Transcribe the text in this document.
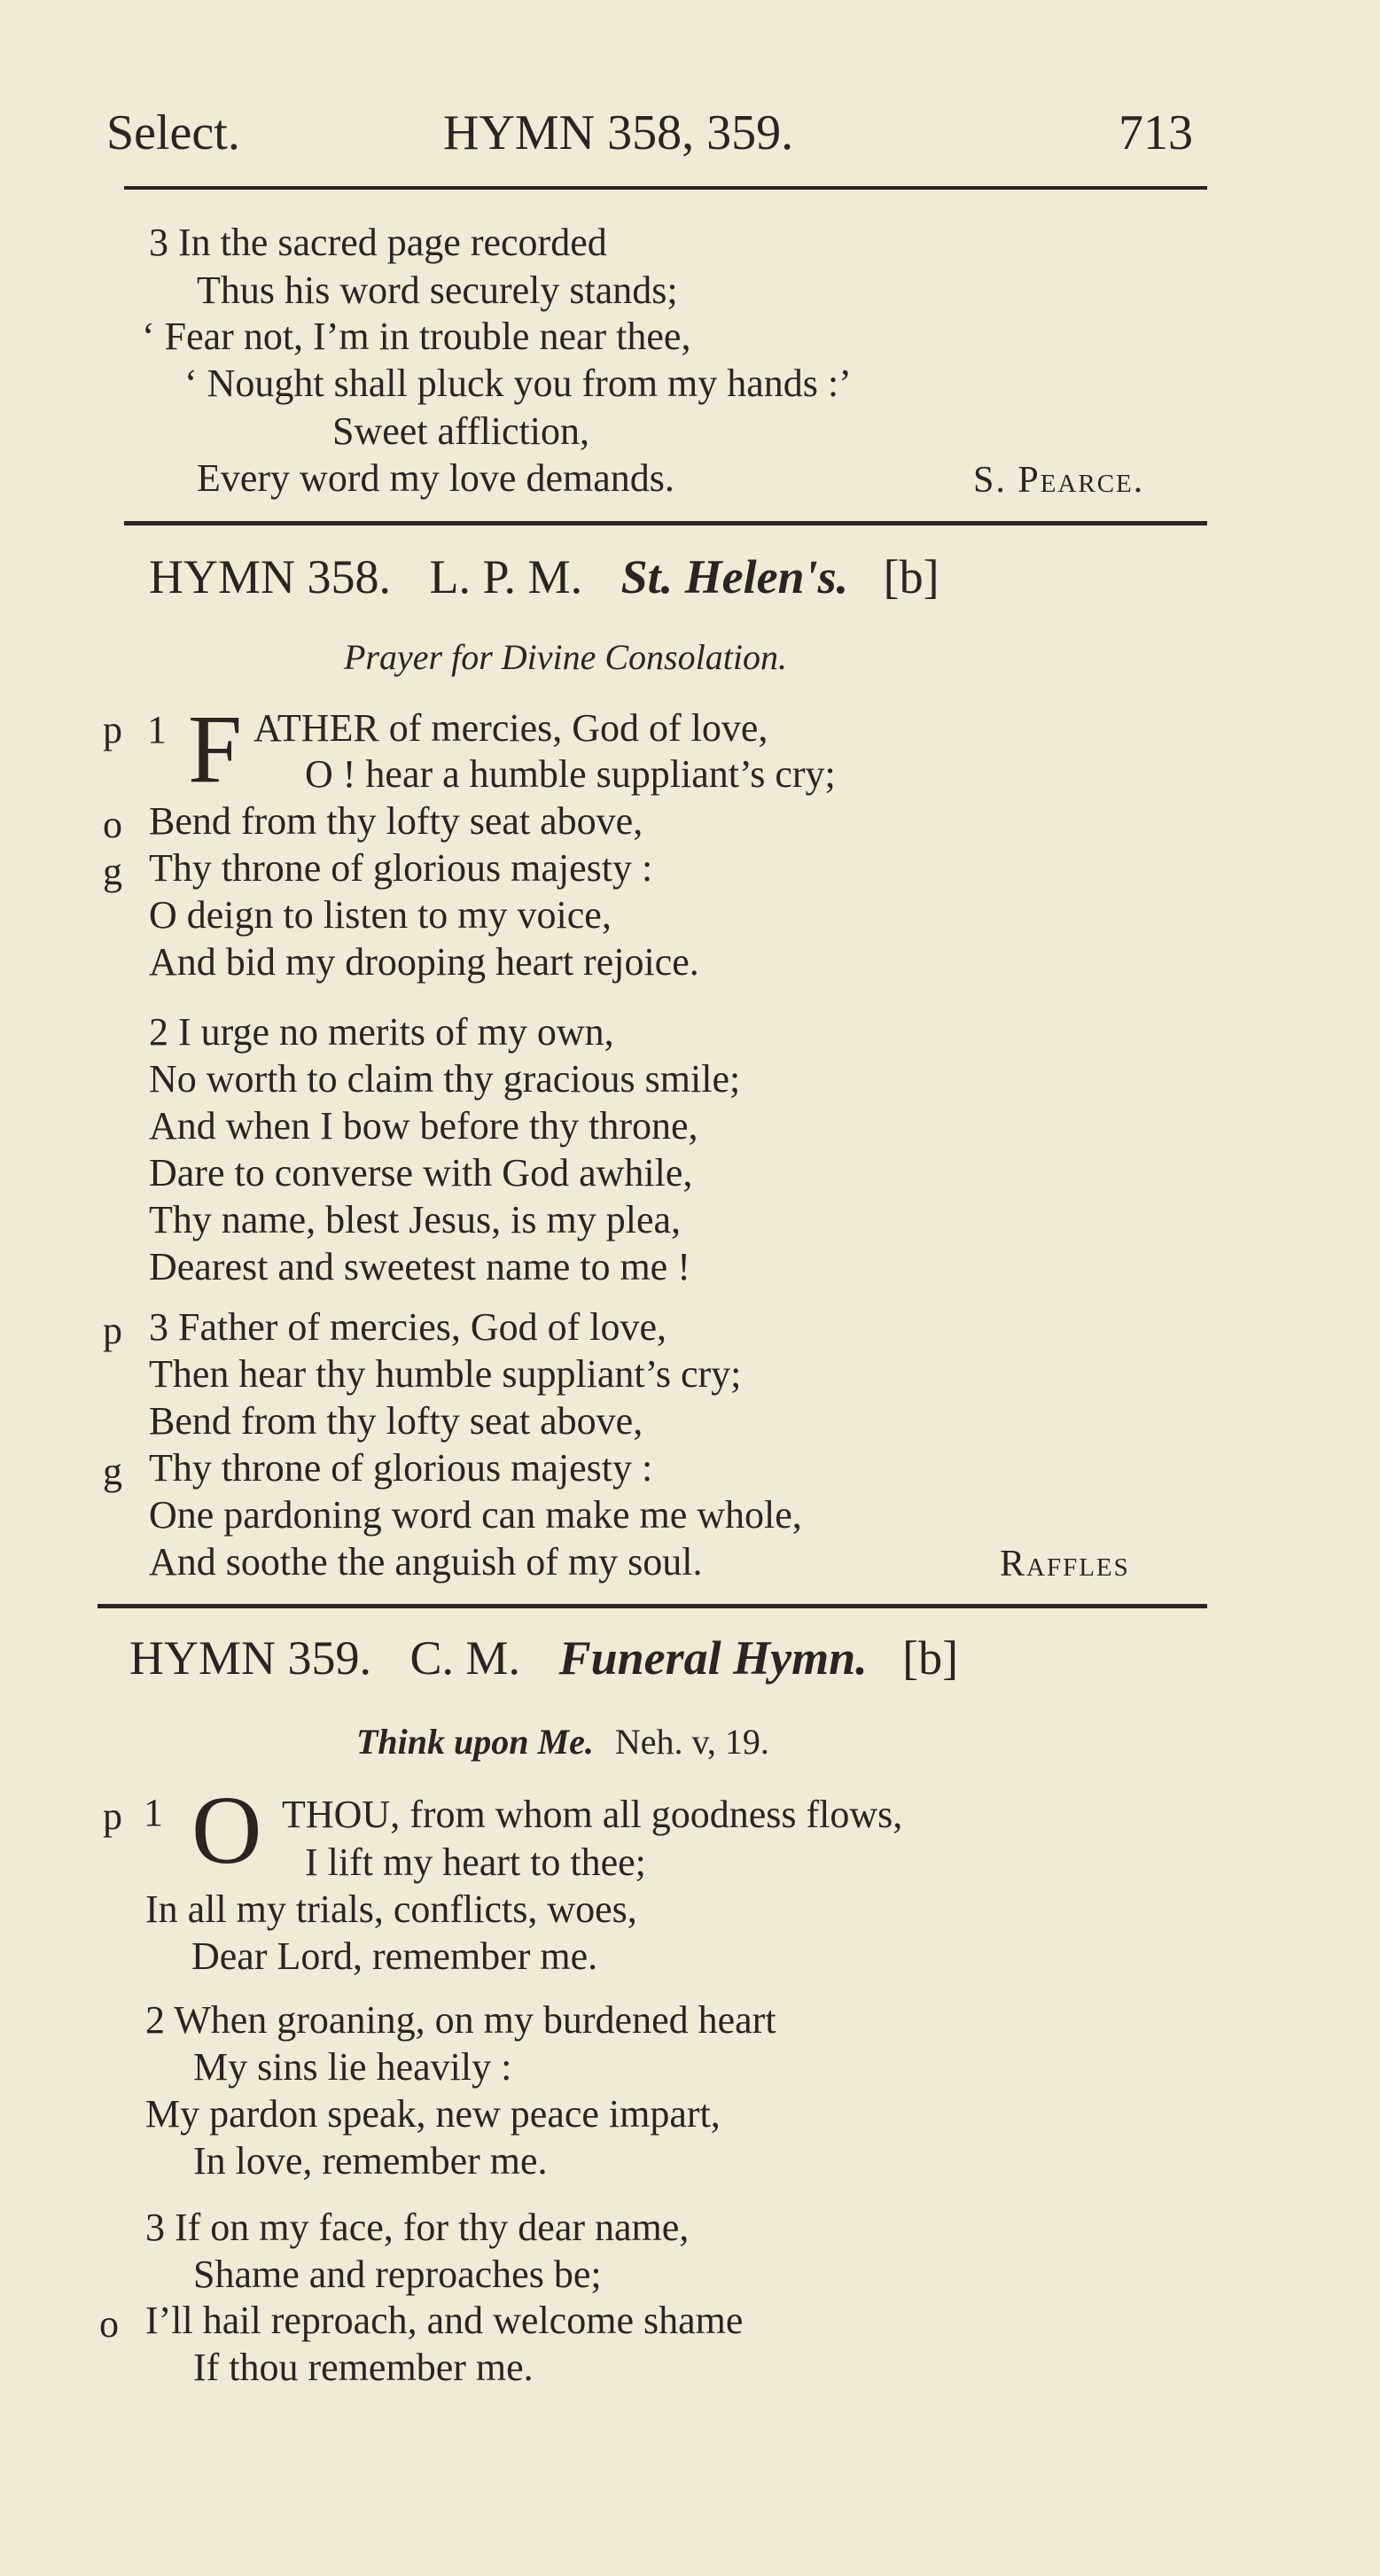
Select.	HYMN 358, 359.	713
3 In the sacred page recorded
Thus his word securely stands;
‘ Fear not, I’m in trouble near thee,
‘ Nought shall pluck you from my hands :’
Sweet affliction,
Every word my love demands.	S. Pearce.
HYMN 358. L. P. M. St. Helen's. [b]
Prayer for Divine Consolation.
p 1 F ATHER of mercies, God of love,
O ! hear a humble suppliant’s cry;
o Bend from thy lofty seat above,
g Thy throne of glorious majesty :
O deign to listen to my voice,
And bid my drooping heart rejoice.
2 I urge no merits of my own,
No worth to claim thy gracious smile;
And when I bow before thy throne,
Dare to converse with God awhile,
Thy name, blest Jesus, is my plea,
Dearest and sweetest name to me !
p 3 Father of mercies, God of love,
Then hear thy humble suppliant’s cry;
Bend from thy lofty seat above,
g Thy throne of glorious majesty :
One pardoning word can make me whole,
And soothe the anguish of my soul.	Raffles
HYMN 359. C. M. Funeral Hymn. [b]
Think upon Me. Neh. v, 19.
p 1 O THOU, from whom all goodness flows,
I lift my heart to thee;
In all my trials, conflicts, woes,
Dear Lord, remember me.
2 When groaning, on my burdened heart
My sins lie heavily :
My pardon speak, new peace impart,
In love, remember me.
3 If on my face, for thy dear name,
Shame and reproaches be;
o I’ll hail reproach, and welcome shame
If thou remember me.
